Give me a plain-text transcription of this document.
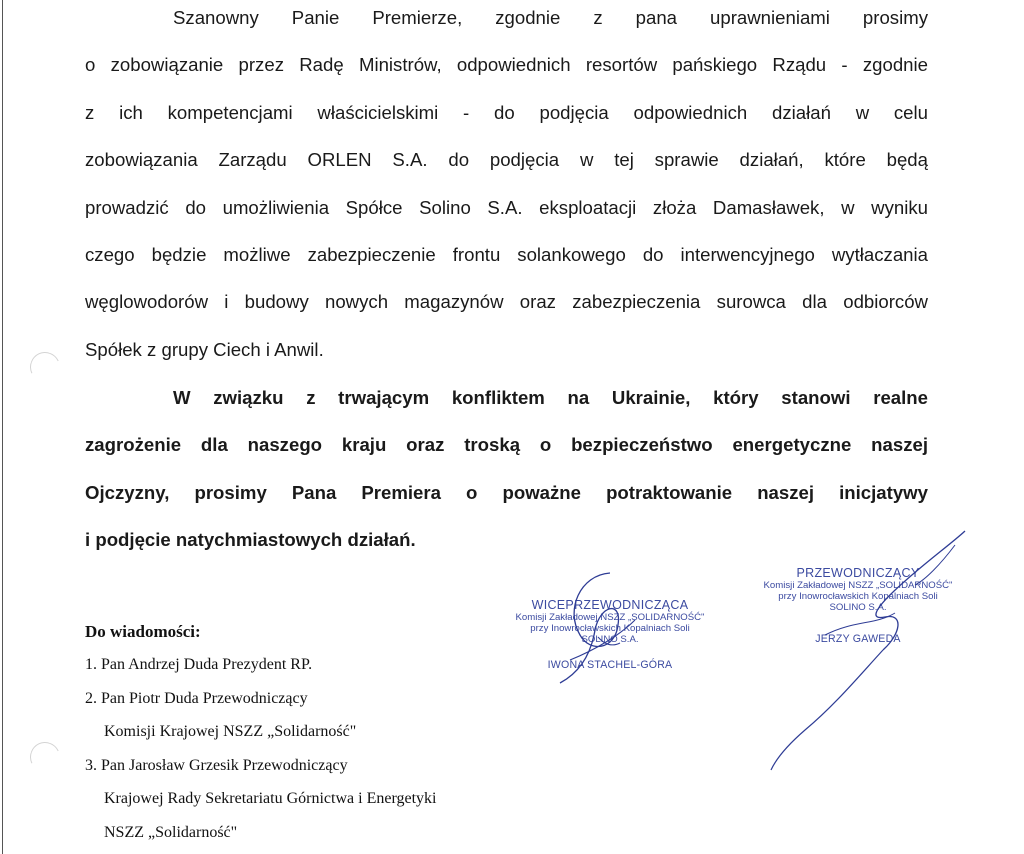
Szanowny Panie Premierze, zgodnie z pana uprawnieniami prosimy
o zobowiązanie przez Radę Ministrów, odpowiednich resortów pańskiego Rządu - zgodnie
z ich kompetencjami właścicielskimi - do podjęcia odpowiednich działań w celu
zobowiązania Zarządu ORLEN S.A. do podjęcia w tej sprawie działań, które będą
prowadzić do umożliwienia Spółce Solino S.A. eksploatacji złoża Damasławek, w wyniku
czego będzie możliwe zabezpieczenie frontu solankowego do interwencyjnego wytłaczania
węglowodorów i budowy nowych magazynów oraz zabezpieczenia surowca dla odbiorców
Spółek z grupy Ciech i Anwil.
W związku z trwającym konfliktem na Ukrainie, który stanowi realne
zagrożenie dla naszego kraju oraz troską o bezpieczeństwo energetyczne naszej
Ojczyzny, prosimy Pana Premiera o poważne potraktowanie naszej inicjatywy
i podjęcie natychmiastowych działań.
WICEPRZEWODNICZĄCA
Komisji Zakładowej NSZZ „SOLIDARNOŚĆ"
przy Inowrocławskich Kopalniach Soli
SOLINO S.A.
IWONA STACHEL-GÓRA
PRZEWODNICZĄCY
Komisji Zakładowej NSZZ „SOLIDARNOŚĆ"
przy Inowrocławskich Kopalniach Soli
SOLINO S.A.
JERZY GAWEDA
Do wiadomości:
1. Pan Andrzej Duda Prezydent RP.
2. Pan Piotr Duda Przewodniczący
Komisji Krajowej NSZZ „Solidarność"
3. Pan Jarosław Grzesik Przewodniczący
Krajowej Rady Sekretariatu Górnictwa i Energetyki
NSZZ „Solidarność"
